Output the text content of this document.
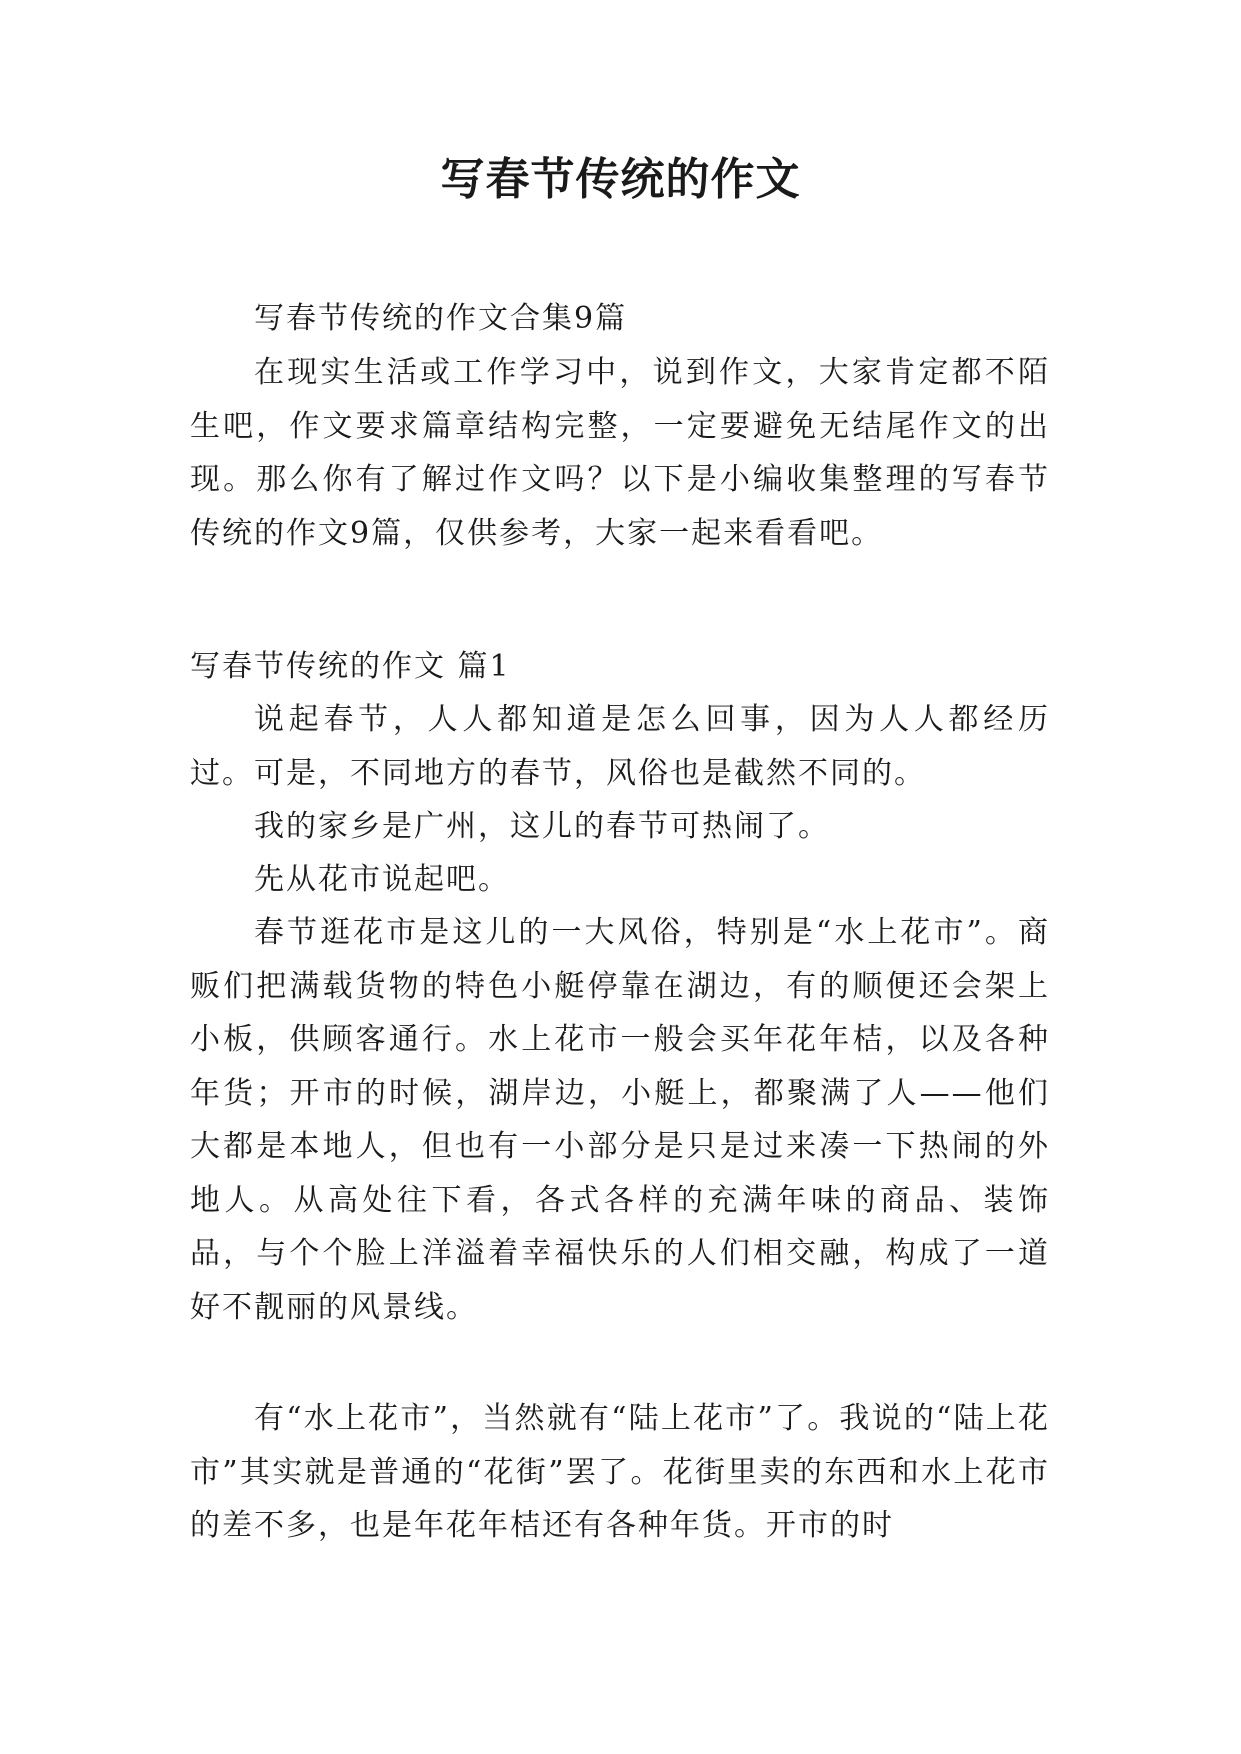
写春节传统的作文

写春节传统的作文合集9篇

在现实生活或工作学习中，说到作文，大家肯定都不陌生吧，作文要求篇章结构完整，一定要避免无结尾作文的出现。那么你有了解过作文吗？以下是小编收集整理的写春节传统的作文9篇，仅供参考，大家一起来看看吧。

写春节传统的作文 篇1

说起春节，人人都知道是怎么回事，因为人人都经历过。可是，不同地方的春节，风俗也是截然不同的。

我的家乡是广州，这儿的春节可热闹了。

先从花市说起吧。

春节逛花市是这儿的一大风俗，特别是“水上花市”。商贩们把满载货物的特色小艇停靠在湖边，有的顺便还会架上小板，供顾客通行。水上花市一般会买年花年桔，以及各种年货；开市的时候，湖岸边，小艇上，都聚满了人——他们大都是本地人，但也有一小部分是只是过来凑一下热闹的外地人。从高处往下看，各式各样的充满年味的商品、装饰品，与个个脸上洋溢着幸福快乐的人们相交融，构成了一道好不靓丽的风景线。

有“水上花市”，当然就有“陆上花市”了。我说的“陆上花市”其实就是普通的“花街”罢了。花街里卖的东西和水上花市的差不多，也是年花年桔还有各种年货。开市的时
